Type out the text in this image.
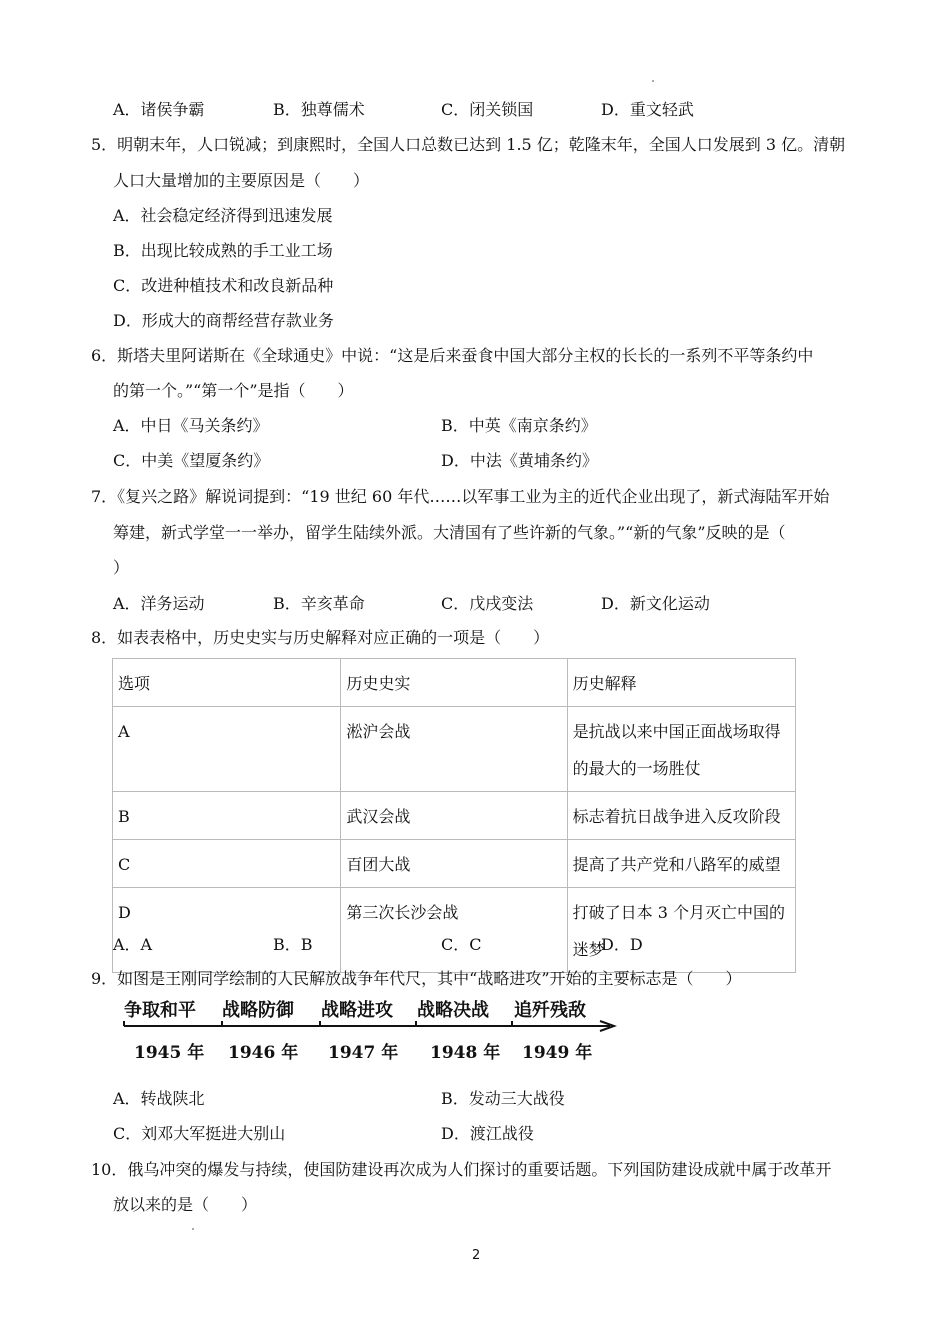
A．诸侯争霸	B．独尊儒术	C．闭关锁国	D．重文轻武
5．明朝末年，人口锐减；到康熙时，全国人口总数已达到 1.5 亿；乾隆末年，全国人口发展到 3 亿。清朝
人口大量增加的主要原因是（　　）
A．社会稳定经济得到迅速发展
B．出现比较成熟的手工业工场
C．改进种植技术和改良新品种
D．形成大的商帮经营存款业务
6．斯塔夫里阿诺斯在《全球通史》中说：“这是后来蚕食中国大部分主权的长长的一系列不平等条约中
的第一个。”“第一个”是指（　　）
A．中日《马关条约》	B．中英《南京条约》
C．中美《望厦条约》	D．中法《黄埔条约》
7．《复兴之路》解说词提到：“19 世纪 60 年代……以军事工业为主的近代企业出现了，新式海陆军开始
筹建，新式学堂一一举办，留学生陆续外派。大清国有了些许新的气象。”“新的气象”反映的是（
）
A．洋务运动	B．辛亥革命	C．戊戌变法	D．新文化运动
8．如表表格中，历史史实与历史解释对应正确的一项是（　　）
选项	历史史实	历史解释
A	淞沪会战	是抗战以来中国正面战场取得的最大的一场胜仗
B	武汉会战	标志着抗日战争进入反攻阶段
C	百团大战	提高了共产党和八路军的威望
D	第三次长沙会战	打破了日本 3 个月灭亡中国的迷梦
A．A	B．B	C．C	D．D
9．如图是王刚同学绘制的人民解放战争年代尺，其中“战略进攻”开始的主要标志是（　　）
争取和平 战略防御 战略进攻 战略决战 追歼残敌
1945 年 1946 年 1947 年 1948 年 1949 年
A．转战陕北	B．发动三大战役
C．刘邓大军挺进大别山	D．渡江战役
10．俄乌冲突的爆发与持续，使国防建设再次成为人们探讨的重要话题。下列国防建设成就中属于改革开
放以来的是（　　）
2
